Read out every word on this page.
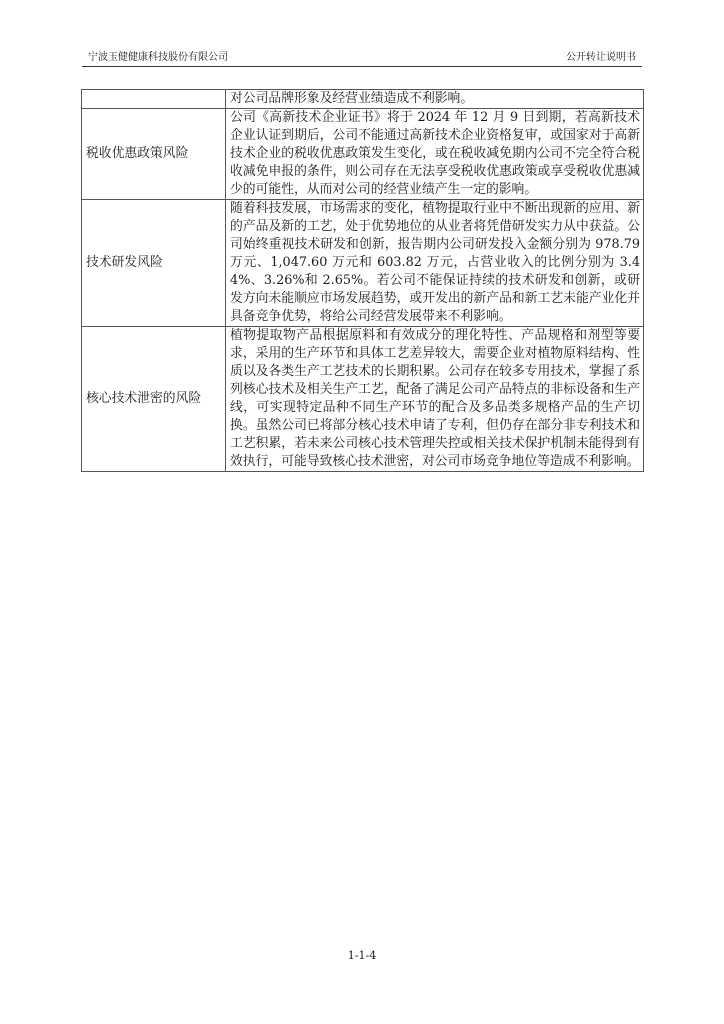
宁波玉健健康科技股份有限公司	公开转让说明书
	对公司品牌形象及经营业绩造成不利影响。
税收优惠政策风险	公司《高新技术企业证书》将于 2024 年 12 月 9 日到期，若高新技术企业认证到期后，公司不能通过高新技术企业资格复审，或国家对于高新技术企业的税收优惠政策发生变化，或在税收减免期内公司不完全符合税收减免申报的条件，则公司存在无法享受税收优惠政策或享受税收优惠减少的可能性，从而对公司的经营业绩产生一定的影响。
技术研发风险	随着科技发展，市场需求的变化，植物提取行业中不断出现新的应用、新的产品及新的工艺，处于优势地位的从业者将凭借研发实力从中获益。公司始终重视技术研发和创新，报告期内公司研发投入金额分别为 978.79 万元、1,047.60 万元和 603.82 万元，占营业收入的比例分别为 3.44%、3.26%和 2.65%。若公司不能保证持续的技术研发和创新，或研发方向未能顺应市场发展趋势，或开发出的新产品和新工艺未能产业化并具备竞争优势，将给公司经营发展带来不利影响。
核心技术泄密的风险	植物提取物产品根据原料和有效成分的理化特性、产品规格和剂型等要求，采用的生产环节和具体工艺差异较大，需要企业对植物原料结构、性质以及各类生产工艺技术的长期积累。公司存在较多专用技术，掌握了系列核心技术及相关生产工艺，配备了满足公司产品特点的非标设备和生产线，可实现特定品种不同生产环节的配合及多品类多规格产品的生产切换。虽然公司已将部分核心技术申请了专利，但仍存在部分非专利技术和工艺积累，若未来公司核心技术管理失控或相关技术保护机制未能得到有效执行，可能导致核心技术泄密，对公司市场竞争地位等造成不利影响。
1-1-4
